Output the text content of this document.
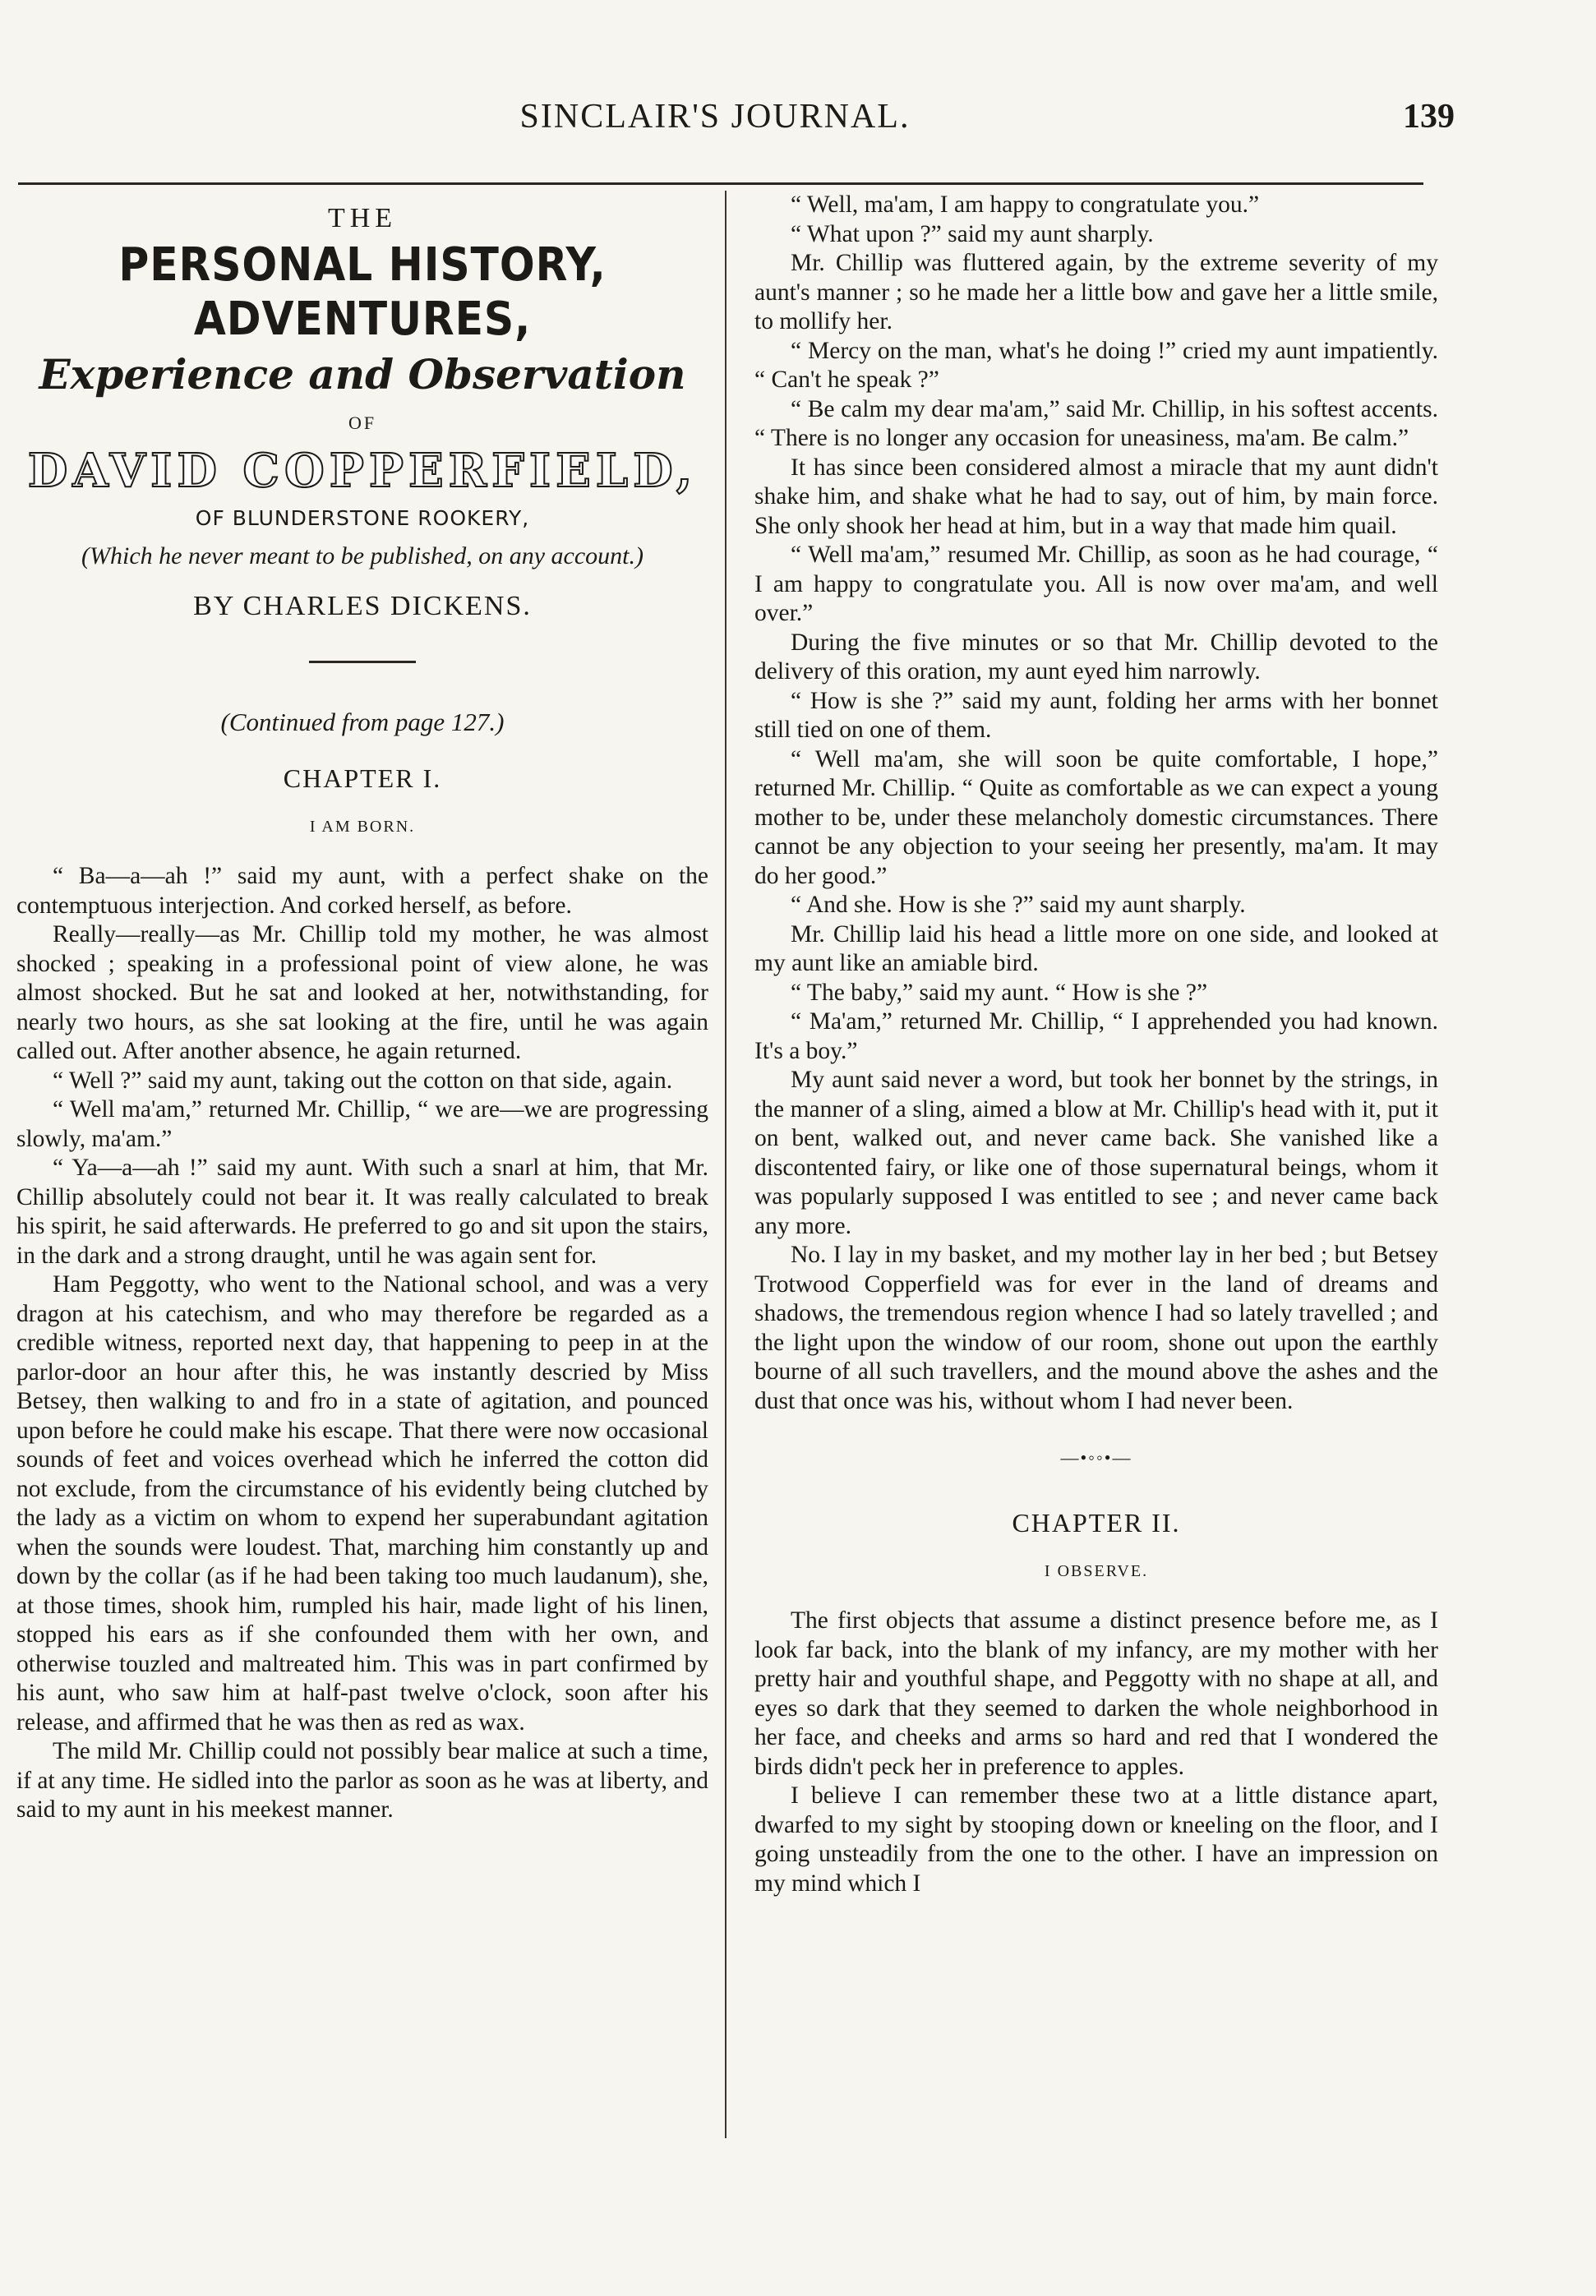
SINCLAIR'S JOURNAL.	139
THE
PERSONAL HISTORY, ADVENTURES,
Experience and Observation
OF
DAVID COPPERFIELD,
OF BLUNDERSTONE ROOKERY,
(Which he never meant to be published, on any account.)
BY CHARLES DICKENS.
(Continued from page 127.)
CHAPTER I.
I AM BORN.

“ Ba—a—ah !” said my aunt, with a perfect shake on the contemptuous interjection. And corked herself, as before.

Really—really—as Mr. Chillip told my mother, he was almost shocked ; speaking in a professional point of view alone, he was almost shocked. But he sat and looked at her, notwithstanding, for nearly two hours, as she sat looking at the fire, until he was again called out. After another absence, he again returned.

“ Well ?” said my aunt, taking out the cotton on that side, again.

“ Well ma'am,” returned Mr. Chillip, “ we are—we are progressing slowly, ma'am.”

“ Ya—a—ah !” said my aunt. With such a snarl at him, that Mr. Chillip absolutely could not bear it. It was really calculated to break his spirit, he said afterwards. He preferred to go and sit upon the stairs, in the dark and a strong draught, until he was again sent for.

Ham Peggotty, who went to the National school, and was a very dragon at his catechism, and who may therefore be regarded as a credible witness, reported next day, that happening to peep in at the parlor-door an hour after this, he was instantly descried by Miss Betsey, then walking to and fro in a state of agitation, and pounced upon before he could make his escape. That there were now occasional sounds of feet and voices overhead which he inferred the cotton did not exclude, from the circumstance of his evidently being clutched by the lady as a victim on whom to expend her superabundant agitation when the sounds were loudest. That, marching him constantly up and down by the collar (as if he had been taking too much laudanum), she, at those times, shook him, rumpled his hair, made light of his linen, stopped his ears as if she confounded them with her own, and otherwise touzled and maltreated him. This was in part confirmed by his aunt, who saw him at half-past twelve o'clock, soon after his release, and affirmed that he was then as red as wax.

The mild Mr. Chillip could not possibly bear malice at such a time, if at any time. He sidled into the parlor as soon as he was at liberty, and said to my aunt in his meekest manner.

“ Well, ma'am, I am happy to congratulate you.”

“ What upon ?” said my aunt sharply.

Mr. Chillip was fluttered again, by the extreme severity of my aunt's manner ; so he made her a little bow and gave her a little smile, to mollify her.

“ Mercy on the man, what's he doing !” cried my aunt impatiently. “ Can't he speak ?”

“ Be calm my dear ma'am,” said Mr. Chillip, in his softest accents. “ There is no longer any occasion for uneasiness, ma'am. Be calm.”

It has since been considered almost a miracle that my aunt didn't shake him, and shake what he had to say, out of him, by main force. She only shook her head at him, but in a way that made him quail.

“ Well ma'am,” resumed Mr. Chillip, as soon as he had courage, “ I am happy to congratulate you. All is now over ma'am, and well over.”

During the five minutes or so that Mr. Chillip devoted to the delivery of this oration, my aunt eyed him narrowly.

“ How is she ?” said my aunt, folding her arms with her bonnet still tied on one of them.

“ Well ma'am, she will soon be quite comfortable, I hope,” returned Mr. Chillip. “ Quite as comfortable as we can expect a young mother to be, under these melancholy domestic circumstances. There cannot be any objection to your seeing her presently, ma'am. It may do her good.”

“ And she. How is she ?” said my aunt sharply.

Mr. Chillip laid his head a little more on one side, and looked at my aunt like an amiable bird.

“ The baby,” said my aunt. “ How is she ?”

“ Ma'am,” returned Mr. Chillip, “ I apprehended you had known. It's a boy.”

My aunt said never a word, but took her bonnet by the strings, in the manner of a sling, aimed a blow at Mr. Chillip's head with it, put it on bent, walked out, and never came back. She vanished like a discontented fairy, or like one of those supernatural beings, whom it was popularly supposed I was entitled to see ; and never came back any more.

No. I lay in my basket, and my mother lay in her bed ; but Betsey Trotwood Copperfield was for ever in the land of dreams and shadows, the tremendous region whence I had so lately travelled ; and the light upon the window of our room, shone out upon the earthly bourne of all such travellers, and the mound above the ashes and the dust that once was his, without whom I had never been.

—•◦◦•—
CHAPTER II.
I OBSERVE.

The first objects that assume a distinct presence before me, as I look far back, into the blank of my infancy, are my mother with her pretty hair and youthful shape, and Peggotty with no shape at all, and eyes so dark that they seemed to darken the whole neighborhood in her face, and cheeks and arms so hard and red that I wondered the birds didn't peck her in preference to apples.

I believe I can remember these two at a little distance apart, dwarfed to my sight by stooping down or kneeling on the floor, and I going unsteadily from the one to the other. I have an impression on my mind which I
